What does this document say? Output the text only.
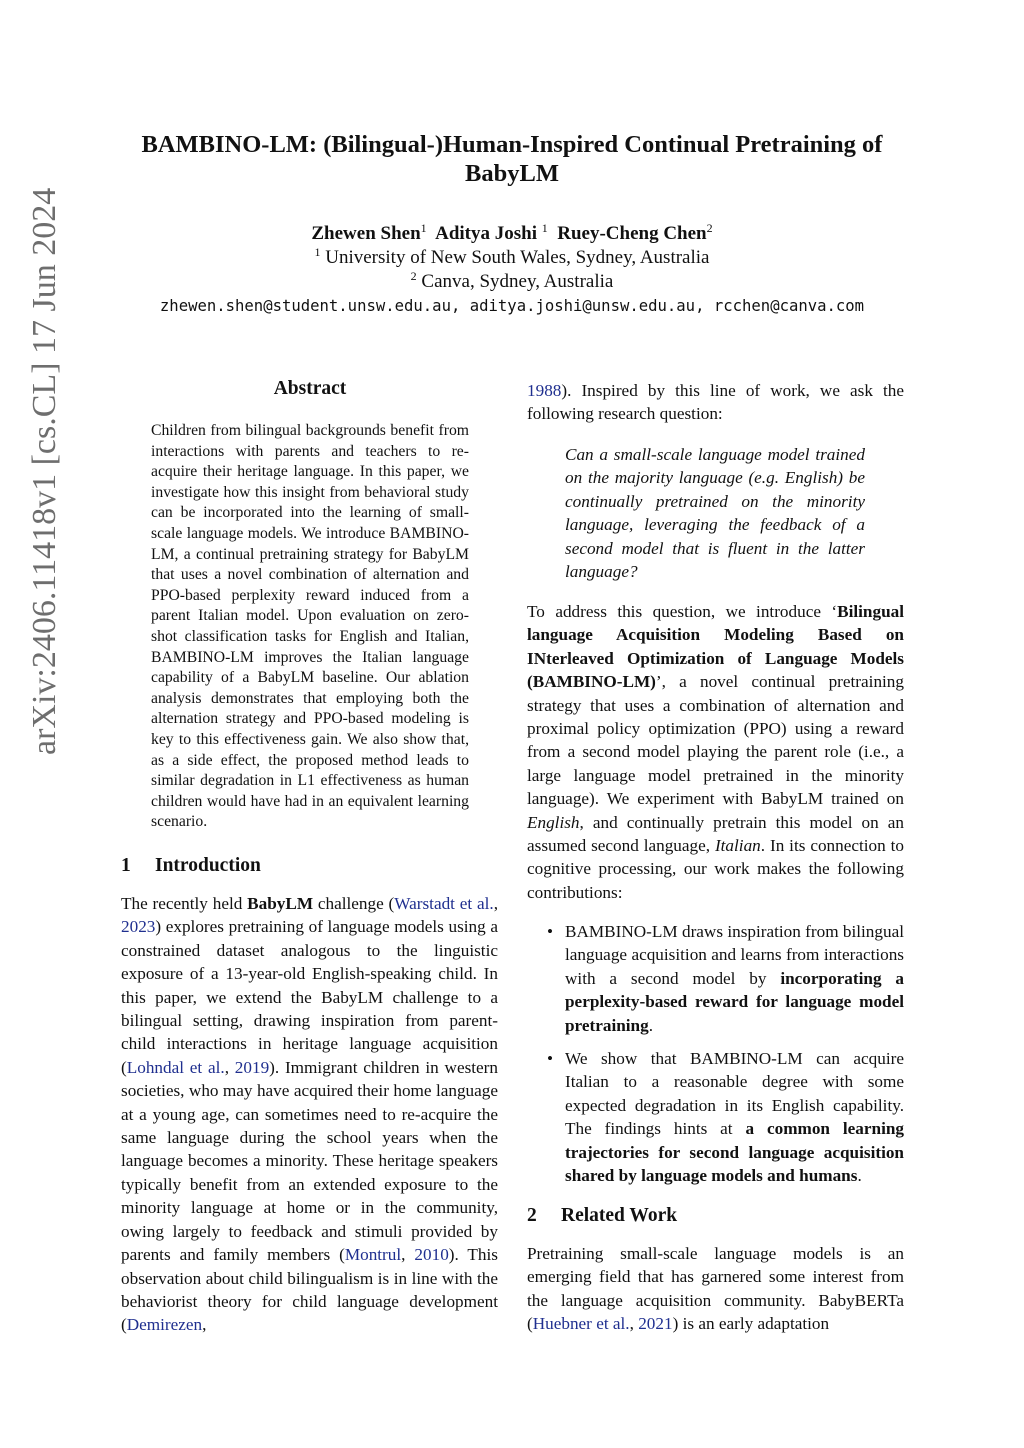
arXiv:2406.11418v1 [cs.CL] 17 Jun 2024
BAMBINO-LM: (Bilingual-)Human-Inspired Continual Pretraining of BabyLM
Zhewen Shen$^1$ Aditya Joshi $^1$ Ruey-Cheng Chen$^2$
$^1$ University of New South Wales, Sydney, Australia
$^2$ Canva, Sydney, Australia
zhewen.shen@student.unsw.edu.au, aditya.joshi@unsw.edu.au, rcchen@canva.com
Abstract
Children from bilingual backgrounds benefit from interactions with parents and teachers to re-acquire their heritage language. In this paper, we investigate how this insight from behavioral study can be incorporated into the learning of small-scale language models. We introduce BAMBINO-LM, a continual pretraining strategy for BabyLM that uses a novel combination of alternation and PPO-based perplexity reward induced from a parent Italian model. Upon evaluation on zero-shot classification tasks for English and Italian, BAMBINO-LM improves the Italian language capability of a BabyLM baseline. Our ablation analysis demonstrates that employing both the alternation strategy and PPO-based modeling is key to this effectiveness gain. We also show that, as a side effect, the proposed method leads to similar degradation in L1 effectiveness as human children would have had in an equivalent learning scenario.
1 Introduction
The recently held BabyLM challenge (Warstadt et al., 2023) explores pretraining of language models using a constrained dataset analogous to the linguistic exposure of a 13-year-old English-speaking child. In this paper, we extend the BabyLM challenge to a bilingual setting, drawing inspiration from parent-child interactions in heritage language acquisition (Lohndal et al., 2019). Immigrant children in western societies, who may have acquired their home language at a young age, can sometimes need to re-acquire the same language during the school years when the language becomes a minority. These heritage speakers typically benefit from an extended exposure to the minority language at home or in the community, owing largely to feedback and stimuli provided by parents and family members (Montrul, 2010). This observation about child bilingualism is in line with the behaviorist theory for child language development (Demirezen,
1988). Inspired by this line of work, we ask the following research question:
Can a small-scale language model trained on the majority language (e.g. English) be continually pretrained on the minority language, leveraging the feedback of a second model that is fluent in the latter language?
To address this question, we introduce ‘Bilingual language Acquisition Modeling Based on INterleaved Optimization of Language Models (BAMBINO-LM)’, a novel continual pretraining strategy that uses a combination of alternation and proximal policy optimization (PPO) using a reward from a second model playing the parent role (i.e., a large language model pretrained in the minority language). We experiment with BabyLM trained on English, and continually pretrain this model on an assumed second language, Italian. In its connection to cognitive processing, our work makes the following contributions:
• BAMBINO-LM draws inspiration from bilingual language acquisition and learns from interactions with a second model by incorporating a perplexity-based reward for language model pretraining.
• We show that BAMBINO-LM can acquire Italian to a reasonable degree with some expected degradation in its English capability. The findings hints at a common learning trajectories for second language acquisition shared by language models and humans.
2 Related Work
Pretraining small-scale language models is an emerging field that has garnered some interest from the language acquisition community. BabyBERTa (Huebner et al., 2021) is an early adaptation
